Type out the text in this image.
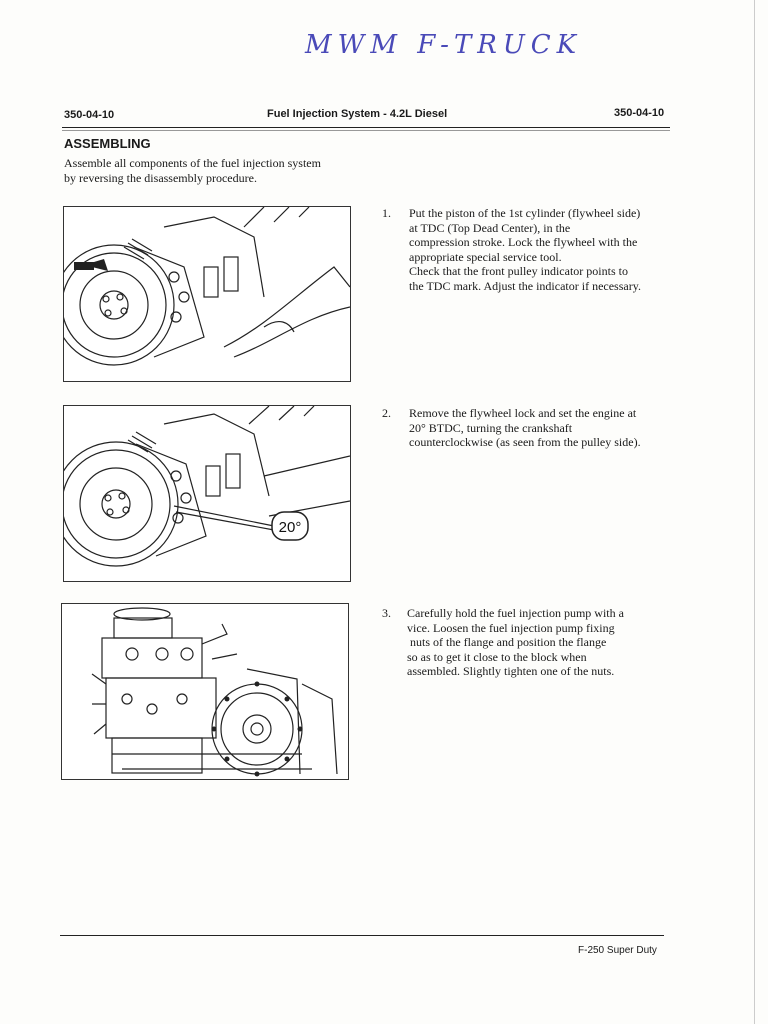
MWM F-TRUCK
350-04-10	Fuel Injection System - 4.2L Diesel	350-04-10
ASSEMBLING
Assemble all components of the fuel injection system
by reversing the disassembly procedure.
1. Put the piston of the 1st cylinder (flywheel side)
at TDC (Top Dead Center), in the
compression stroke. Lock the flywheel with the
appropriate special service tool.
Check that the front pulley indicator points to
the TDC mark. Adjust the indicator if necessary.
20°
2. Remove the flywheel lock and set the engine at
20° BTDC, turning the crankshaft
counterclockwise (as seen from the pulley side).
3. Carefully hold the fuel injection pump with a
vice. Loosen the fuel injection pump fixing
nuts of the flange and position the flange
so as to get it close to the block when
assembled. Slightly tighten one of the nuts.
F-250 Super Duty
